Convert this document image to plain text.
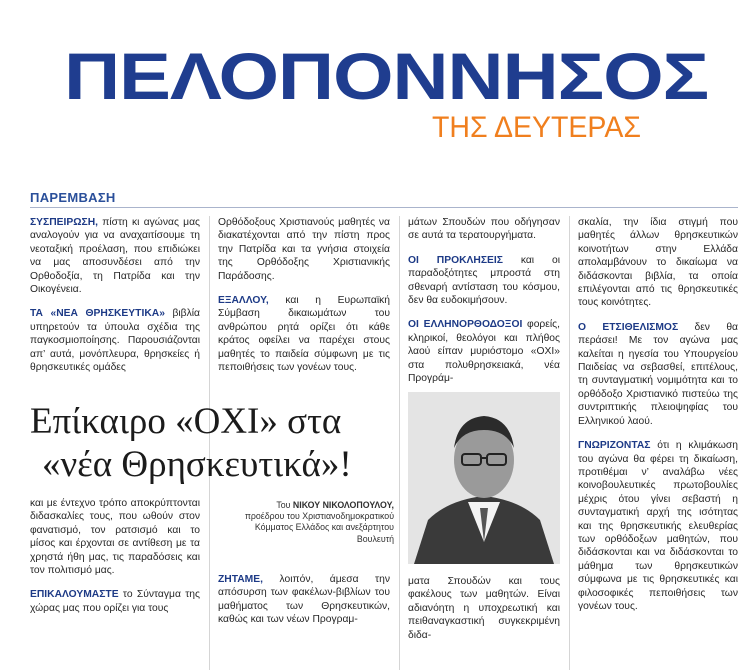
ΠΕΛΟΠΟΝΝΗΣΟΣ
ΤΗΣ ΔΕΥΤΕΡΑΣ
ΠΑΡΕΜΒΑΣΗ

ΣΥΣΠΕΙΡΩΣΗ, πίστη κι αγώνας μας αναλογούν για να αναχαιτίσουμε τη νεοταξική προέλαση, που επιδιώκει να μας αποσυνδέσει από την Ορθοδοξία, τη Πατρίδα και την Οικογένεια.

ΤΑ «ΝΕΑ ΘΡΗΣΚΕΥΤΙΚΑ» βιβλία υπηρετούν τα ύπουλα σχέδια της παγκοσμιοποίησης. Παρουσιάζονται απ’ αυτά, μονόπλευρα, θρησκείες ή θρησκευτικές ομάδες

Ορθόδοξους Χριστιανούς μαθητές να διακατέχονται από την πίστη προς την Πατρίδα και τα γνήσια στοιχεία της Ορθόδοξης Χριστιανικής Παράδοσης.

ΕΞΑΛΛΟΥ, και η Ευρωπαϊκή Σύμβαση δικαιωμάτων του ανθρώπου ρητά ορίζει ότι κάθε κράτος οφείλει να παρέχει στους μαθητές το παιδεία σύμφωνη με τις πεποιθήσεις των γονέων τους.

Επίκαιρο «ΟΧΙ» στα
«νέα Θρησκευτικά»!
Του ΝΙΚΟΥ ΝΙΚΟΛΟΠΟΥΛΟΥ,
προέδρου του Χριστιανοδημοκρατικού Κόμματος Ελλάδος και ανεξάρτητου Βουλευτή

και με έντεχνο τρόπο αποκρύπτονται διδασκαλίες τους, που ωθούν στον φανατισμό, τον ρατσισμό και το μίσος και έρχονται σε αντίθεση με τα χρηστά ήθη μας, τις παραδόσεις και τον πολιτισμό μας.

ΕΠΙΚΑΛΟΥΜΑΣΤΕ το Σύνταγμα της χώρας μας που ορίζει για τους

ΖΗΤΑΜΕ, λοιπόν, άμεσα την απόσυρση των φακέλων-βιβλίων του μαθήματος των Θρησκευτικών, καθώς και των νέων Προγραμ-

μάτων Σπουδών που οδήγησαν σε αυτά τα τερατουργήματα.

ΟΙ ΠΡΟΚΛΗΣΕΙΣ και οι παραδοξότητες μπροστά στη σθεναρή αντίσταση του κόσμου, δεν θα ευδοκιμήσουν.

ΟΙ ΕΛΛΗΝΟΡΘΟΔΟΞΟΙ φορείς, κληρικοί, θεολόγοι και πλήθος λαού είπαν μυριόστομο «ΟΧΙ» στα πολυθρησκειακά, νέα Προγράμ-

ματα Σπουδών και τους φακέλους των μαθητών. Είναι αδιανόητη η υποχρεωτική και πειθαναγκαστική συγκεκριμένη διδα-

σκαλία, την ίδια στιγμή που μαθητές άλλων θρησκευτικών κοινοτήτων στην Ελλάδα απολαμβάνουν το δικαίωμα να διδάσκονται βιβλία, τα οποία επιλέγονται από τις θρησκευτικές τους κοινότητες.

Ο ΕΤΣΙΘΕΛΙΣΜΟΣ δεν θα περάσει! Με τον αγώνα μας καλείται η ηγεσία του Υπουργείου Παιδείας να σεβασθεί, επιτέλους, τη συνταγματική νομιμότητα και το ορθόδοξο Χριστιανικό πιστεύω της συντριπτικής πλειοψηφίας του Ελληνικού λαού.

ΓΝΩΡΙΖΟΝΤΑΣ ότι η κλιμάκωση του αγώνα θα φέρει τη δικαίωση, προτιθέμαι ν’ αναλάβω νέες κοινοβουλευτικές πρωτοβουλίες μέχρις ότου γίνει σεβαστή η συνταγματική αρχή της ισότητας και της θρησκευτικής ελευθερίας των ορθόδοξων μαθητών, που διδάσκονται και να διδάσκονται το μάθημα των θρησκευτικών σύμφωνα με τις θρησκευτικές και φιλοσοφικές πεποιθήσεις των γονέων τους.
